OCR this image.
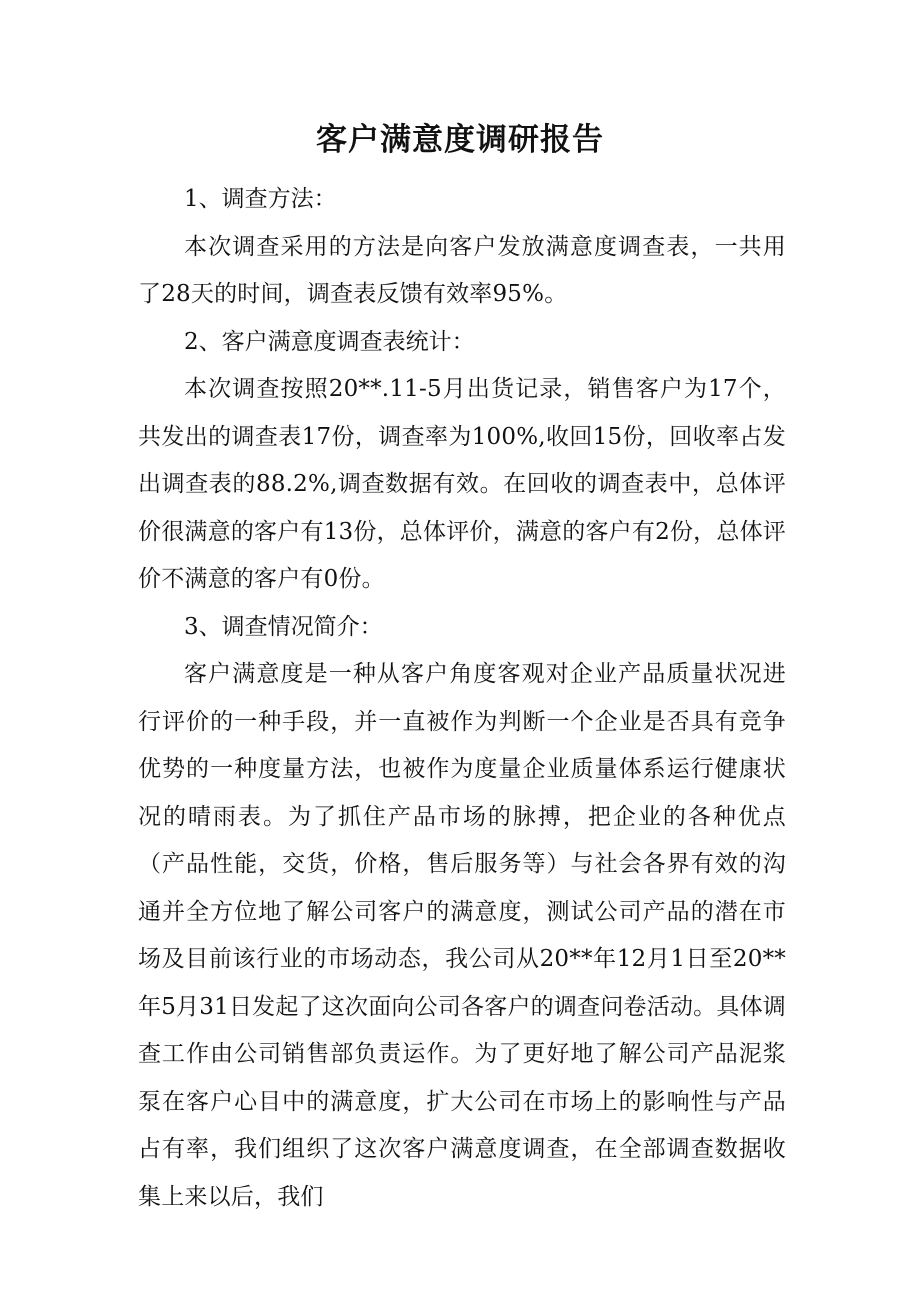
客户满意度调研报告

1、调查方法：

本次调查采用的方法是向客户发放满意度调查表，一共用了28天的时间，调查表反馈有效率95%。

2、客户满意度调查表统计：

本次调查按照20**.11-5月出货记录，销售客户为17个，共发出的调查表17份，调查率为100%,收回15份，回收率占发出调查表的88.2%,调查数据有效。在回收的调查表中，总体评价很满意的客户有13份，总体评价，满意的客户有2份，总体评价不满意的客户有0份。

3、调查情况简介：

客户满意度是一种从客户角度客观对企业产品质量状况进行评价的一种手段，并一直被作为判断一个企业是否具有竞争优势的一种度量方法，也被作为度量企业质量体系运行健康状况的晴雨表。为了抓住产品市场的脉搏，把企业的各种优点（产品性能，交货，价格，售后服务等）与社会各界有效的沟通并全方位地了解公司客户的满意度，测试公司产品的潜在市场及目前该行业的市场动态，我公司从20**年12月1日至20**年5月31日发起了这次面向公司各客户的调查问卷活动。具体调查工作由公司销售部负责运作。为了更好地了解公司产品泥浆泵在客户心目中的满意度，扩大公司在市场上的影响性与产品占有率，我们组织了这次客户满意度调查，在全部调查数据收集上来以后，我们
